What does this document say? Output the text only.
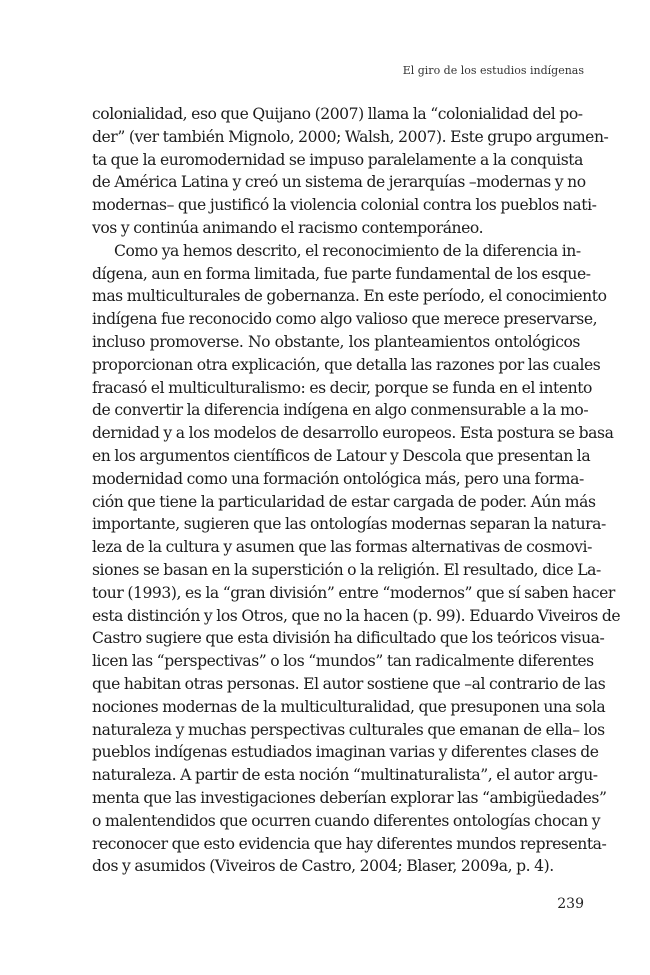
El giro de los estudios indígenas
colonialidad, eso que Quijano (2007) llama la “colonialidad del po-
der” (ver también Mignolo, 2000; Walsh, 2007). Este grupo argumen-
ta que la euromodernidad se impuso paralelamente a la conquista
de América Latina y creó un sistema de jerarquías –modernas y no
modernas– que justificó la violencia colonial contra los pueblos nati-
vos y continúa animando el racismo contemporáneo.
Como ya hemos descrito, el reconocimiento de la diferencia in-
dígena, aun en forma limitada, fue parte fundamental de los esque-
mas multiculturales de gobernanza. En este período, el conocimiento
indígena fue reconocido como algo valioso que merece preservarse,
incluso promoverse. No obstante, los planteamientos ontológicos
proporcionan otra explicación, que detalla las razones por las cuales
fracasó el multiculturalismo: es decir, porque se funda en el intento
de convertir la diferencia indígena en algo conmensurable a la mo-
dernidad y a los modelos de desarrollo europeos. Esta postura se basa
en los argumentos científicos de Latour y Descola que presentan la
modernidad como una formación ontológica más, pero una forma-
ción que tiene la particularidad de estar cargada de poder. Aún más
importante, sugieren que las ontologías modernas separan la natura-
leza de la cultura y asumen que las formas alternativas de cosmovi-
siones se basan en la superstición o la religión. El resultado, dice La-
tour (1993), es la “gran división” entre “modernos” que sí saben hacer
esta distinción y los Otros, que no la hacen (p. 99). Eduardo Viveiros de
Castro sugiere que esta división ha dificultado que los teóricos visua-
licen las “perspectivas” o los “mundos” tan radicalmente diferentes
que habitan otras personas. El autor sostiene que –al contrario de las
nociones modernas de la multiculturalidad, que presuponen una sola
naturaleza y muchas perspectivas culturales que emanan de ella– los
pueblos indígenas estudiados imaginan varias y diferentes clases de
naturaleza. A partir de esta noción “multinaturalista”, el autor argu-
menta que las investigaciones deberían explorar las “ambigüedades”
o malentendidos que ocurren cuando diferentes ontologías chocan y
reconocer que esto evidencia que hay diferentes mundos representa-
dos y asumidos (Viveiros de Castro, 2004; Blaser, 2009a, p. 4).
239
